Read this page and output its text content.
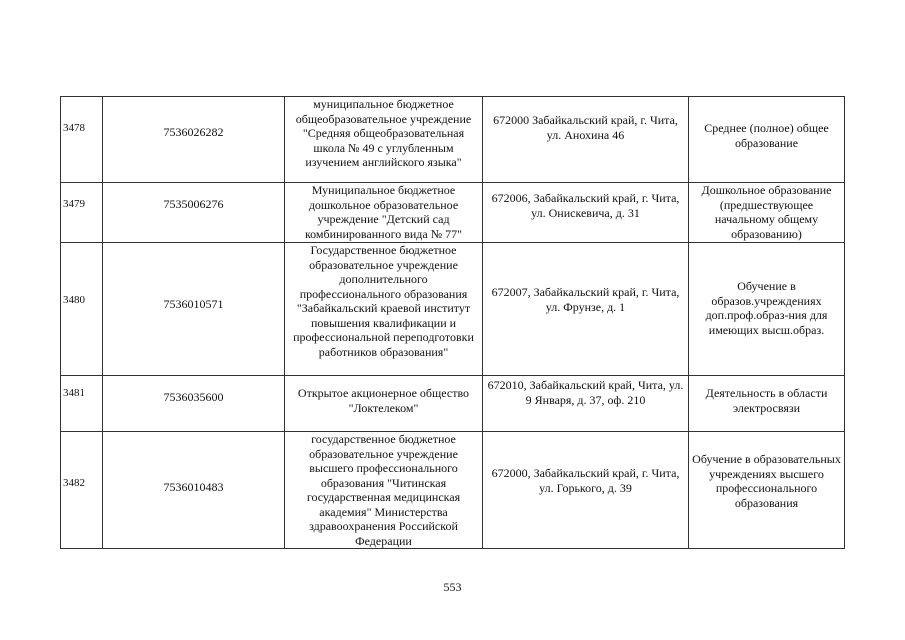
3478	7536026282	муниципальное бюджетное общеобразовательное учреждение "Средняя общеобразовательная школа № 49 с углубленным изучением английского языка"	672000 Забайкальский край, г. Чита, ул. Анохина 46	Среднее (полное) общее образование
3479	7535006276	Муниципальное бюджетное дошкольное образовательное учреждение "Детский сад комбинированного вида № 77"	672006, Забайкальский край, г. Чита, ул. Онискевича, д. 31	Дошкольное образование (предшествующее начальному общему образованию)
3480	7536010571	Государственное бюджетное образовательное учреждение дополнительного профессионального образования "Забайкальский краевой институт повышения квалификации и профессиональной переподготовки работников образования"	672007, Забайкальский край, г. Чита, ул. Фрунзе, д. 1	Обучение в образов.учреждениях доп.проф.образ-ния для имеющих высш.образ.
3481	7536035600	Открытое акционерное общество "Локтелеком"	672010, Забайкальский край, Чита, ул. 9 Января, д. 37, оф. 210	Деятельность в области электросвязи
3482	7536010483	государственное бюджетное образовательное учреждение высшего профессионального образования "Читинская государственная медицинская академия" Министерства здравоохранения Российской Федерации	672000, Забайкальский край, г. Чита, ул. Горького, д. 39	Обучение в образовательных учреждениях высшего профессионального образования
553
